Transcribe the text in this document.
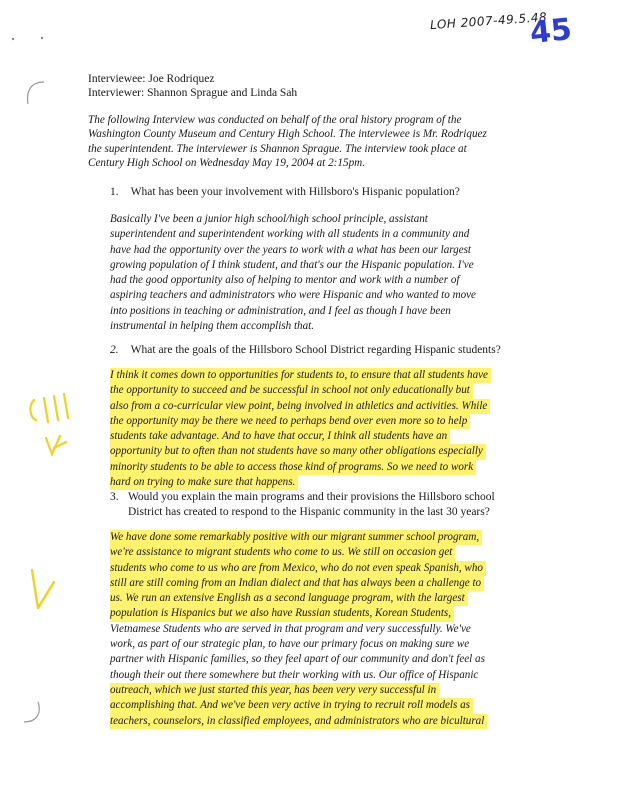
LOH 2007-49.5.48
45
Interviewee: Joe Rodriquez
Interviewer: Shannon Sprague and Linda Sah
The following Interview was conducted on behalf of the oral history program of the
Washington County Museum and Century High School. The interviewee is Mr. Rodriquez
the superintendent. The interviewer is Shannon Sprague. The interview took place at
Century High School on Wednesday May 19, 2004 at 2:15pm.
1. What has been your involvement with Hillsboro's Hispanic population?
Basically I've been a junior high school/high school principle, assistant
superintendent and superintendent working with all students in a community and
have had the opportunity over the years to work with a what has been our largest
growing population of I think student, and that's our the Hispanic population. I've
had the good opportunity also of helping to mentor and work with a number of
aspiring teachers and administrators who were Hispanic and who wanted to move
into positions in teaching or administration, and I feel as though I have been
instrumental in helping them accomplish that.
2. What are the goals of the Hillsboro School District regarding Hispanic students?
I think it comes down to opportunities for students to, to ensure that all students have
the opportunity to succeed and be successful in school not only educationally but
also from a co-curricular view point, being involved in athletics and activities. While
the opportunity may be there we need to perhaps bend over even more so to help
students take advantage. And to have that occur, I think all students have an
opportunity but to often than not students have so many other obligations especially
minority students to be able to access those kind of programs. So we need to work
hard on trying to make sure that happens.
3. Would you explain the main programs and their provisions the Hillsboro school
District has created to respond to the Hispanic community in the last 30 years?
We have done some remarkably positive with our migrant summer school program,
we're assistance to migrant students who come to us. We still on occasion get
students who come to us who are from Mexico, who do not even speak Spanish, who
still are still coming from an Indian dialect and that has always been a challenge to
us. We run an extensive English as a second language program, with the largest
population is Hispanics but we also have Russian students, Korean Students,
Vietnamese Students who are served in that program and very successfully. We've
work, as part of our strategic plan, to have our primary focus on making sure we
partner with Hispanic families, so they feel apart of our community and don't feel as
though their out there somewhere but their working with us. Our office of Hispanic
outreach, which we just started this year, has been very very successful in
accomplishing that. And we've been very active in trying to recruit roll models as
teachers, counselors, in classified employees, and administrators who are bicultural
